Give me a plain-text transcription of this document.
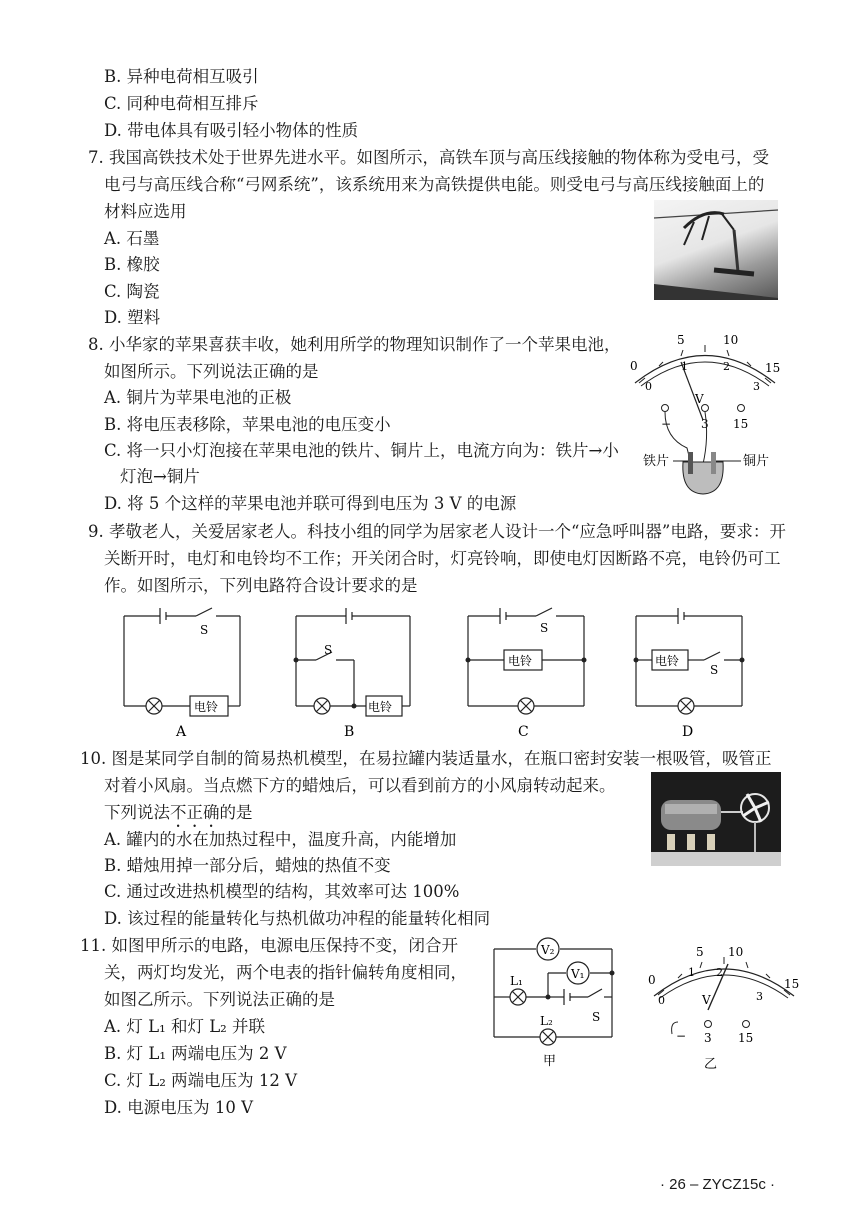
B. 异种电荷相互吸引
C. 同种电荷相互排斥
D. 带电体具有吸引轻小物体的性质
7. 我国高铁技术处于世界先进水平。如图所示，高铁车顶与高压线接触的物体称为受电弓，受
电弓与高压线合称“弓网系统”，该系统用来为高铁提供电能。则受电弓与高压线接触面上的
材料应选用
A. 石墨
B. 橡胶
C. 陶瓷
D. 塑料
8. 小华家的苹果喜获丰收，她利用所学的物理知识制作了一个苹果电池，
如图所示。下列说法正确的是
A. 铜片为苹果电池的正极
B. 将电压表移除，苹果电池的电压变小
C. 将一只小灯泡接在苹果电池的铁片、铜片上，电流方向为：铁片→小
灯泡→铜片
D. 将 5 个这样的苹果电池并联可得到电压为 3 V 的电源
0
5	10
15
0
1	2
3
V
− 3 15
铁片	铜片
9. 孝敬老人，关爱居家老人。科技小组的同学为居家老人设计一个“应急呼叫器”电路，要求：开
关断开时，电灯和电铃均不工作；开关闭合时，灯亮铃响，即使电灯因断路不亮，电铃仍可工
作。如图所示，下列电路符合设计要求的是
S
电铃
A
S
电铃
B
S
电铃
C
S
电铃
D
10. 图是某同学自制的简易热机模型，在易拉罐内装适量水，在瓶口密封安装一根吸管，吸管正
对着小风扇。当点燃下方的蜡烛后，可以看到前方的小风扇转动起来。
下列说法不正确的是
A. 罐内的水在加热过程中，温度升高，内能增加
B. 蜡烛用掉一部分后，蜡烛的热值不变
C. 通过改进热机模型的结构，其效率可达 100%
D. 该过程的能量转化与热机做功冲程的能量转化相同
11. 如图甲所示的电路，电源电压保持不变，闭合开
关，两灯均发光，两个电表的指针偏转角度相同，
如图乙所示。下列说法正确的是
A. 灯 L₁ 和灯 L₂ 并联
B. 灯 L₁ 两端电压为 2 V
C. 灯 L₂ 两端电压为 12 V
D. 电源电压为 10 V
V₂
V₁
L₁
L₂	S
甲
0
5 10
15
0
1 2
3
V
− 3 15
乙
· 26 – ZYCZ15c ·
